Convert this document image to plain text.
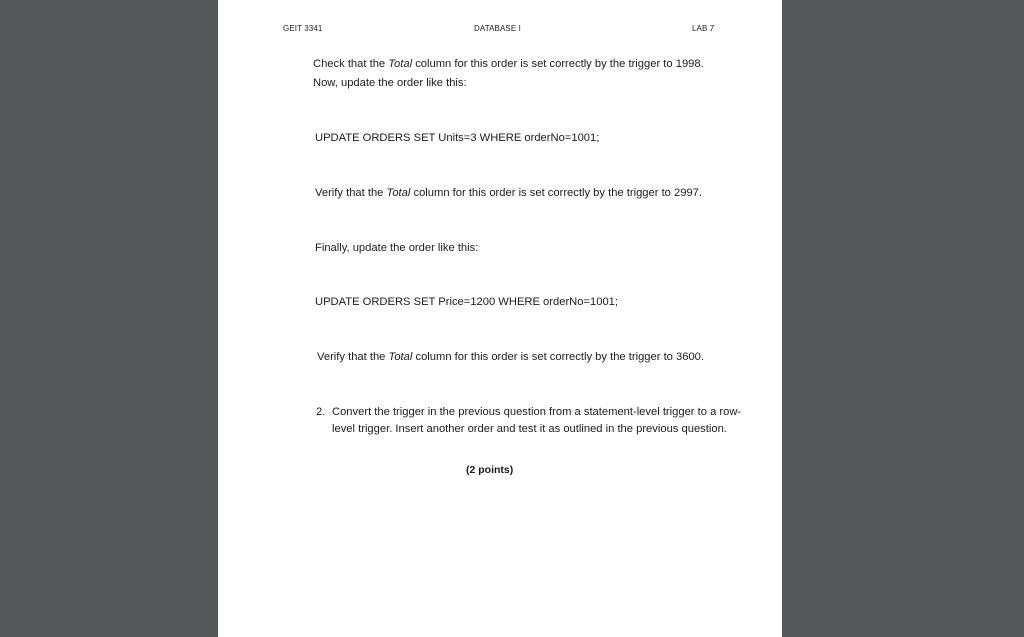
GEIT 3341	DATABASE I	LAB 7
Check that the Total column for this order is set correctly by the trigger to 1998.
Now, update the order like this:
UPDATE ORDERS SET Units=3 WHERE orderNo=1001;
Verify that the Total column for this order is set correctly by the trigger to 2997.
Finally, update the order like this:
UPDATE ORDERS SET Price=1200 WHERE orderNo=1001;
Verify that the Total column for this order is set correctly by the trigger to 3600.
2. Convert the trigger in the previous question from a statement-level trigger to a row-level trigger. Insert another order and test it as outlined in the previous question.
(2 points)
